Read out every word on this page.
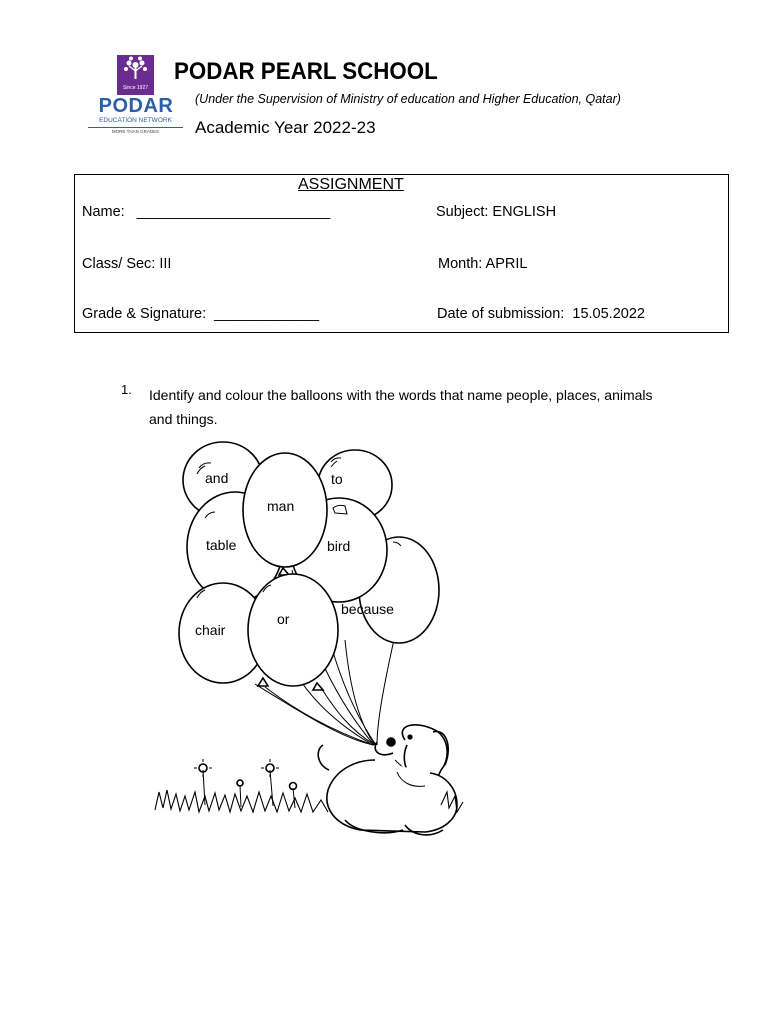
Since 1927
PODAR
EDUCATION NETWORK
MORE THAN GRADES
PODAR PEARL SCHOOL
(Under the Supervision of Ministry of education and Higher Education, Qatar)
Academic Year 2022-23
ASSIGNMENT
Name:   ________________________	Subject: ENGLISH
Class/ Sec: III	Month: APRIL
Grade & Signature:  _____________	Date of submission:  15.05.2022
1. Identify and colour the balloons with the words that name people, places, animals and things.
and	to
man
table	bird
because
chair
or
